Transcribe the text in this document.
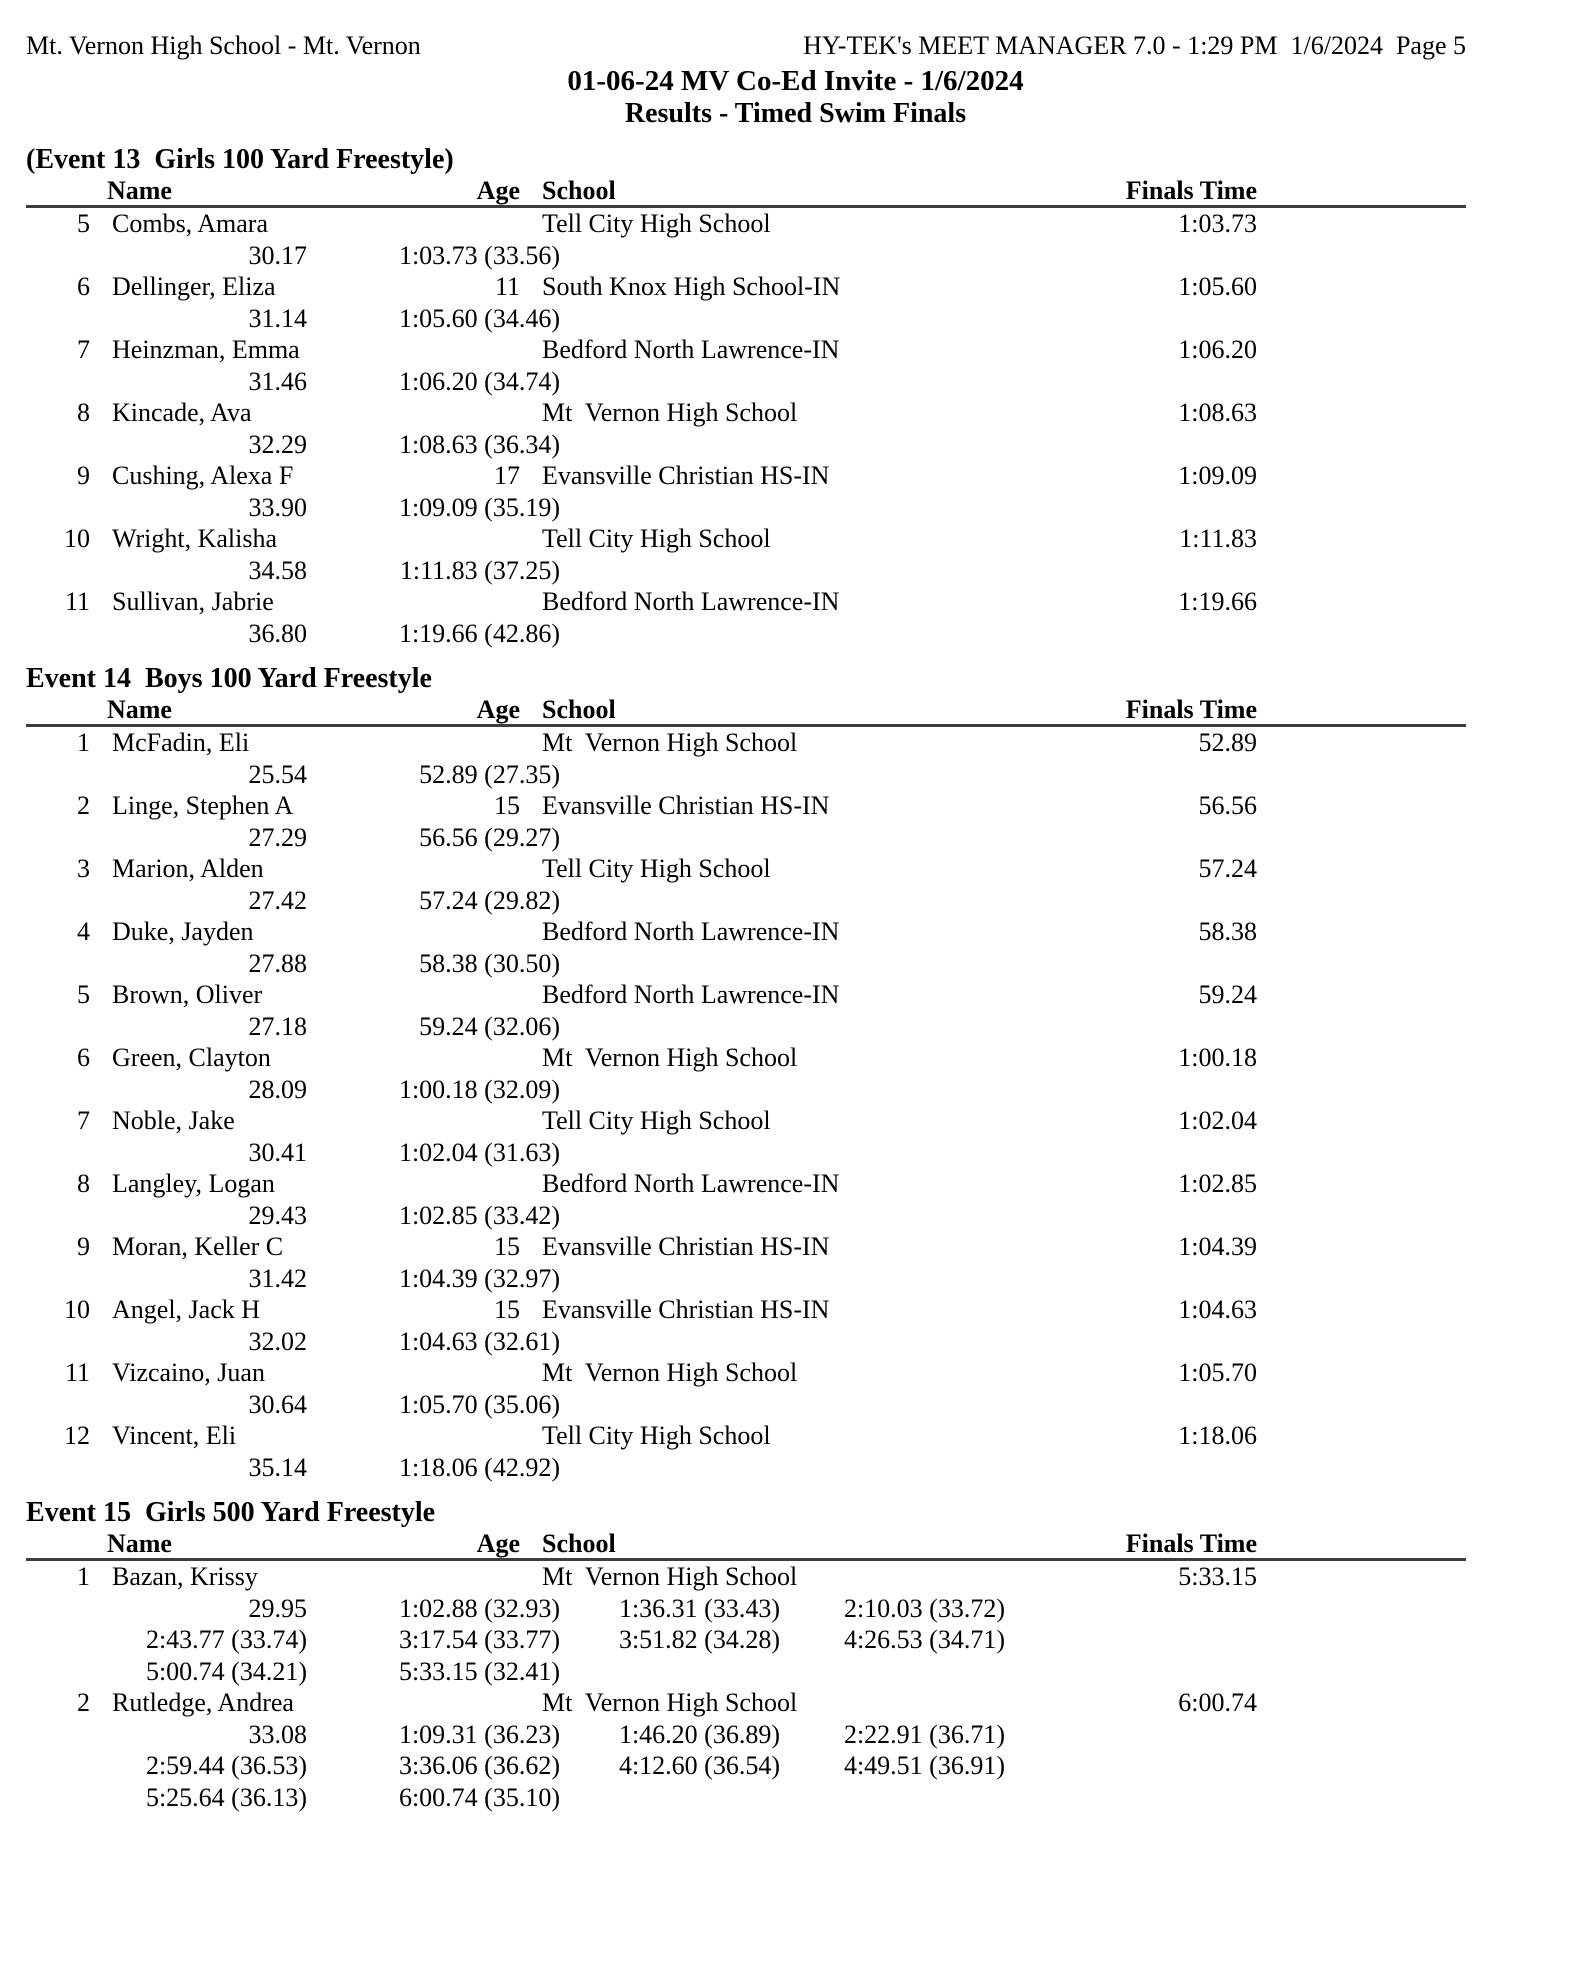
Mt. Vernon High School - Mt. Vernon	HY-TEK's MEET MANAGER 7.0 - 1:29 PM  1/6/2024  Page 5
01-06-24 MV Co-Ed Invite - 1/6/2024
Results - Timed Swim Finals
(Event 13  Girls 100 Yard Freestyle)
Name	Age School	Finals Time
5 Combs, Amara	Tell City High School	1:03.73
30.17	1:03.73 (33.56)
6 Dellinger, Eliza	11 South Knox High School-IN	1:05.60
31.14	1:05.60 (34.46)
7 Heinzman, Emma	Bedford North Lawrence-IN	1:06.20
31.46	1:06.20 (34.74)
8 Kincade, Ava	Mt  Vernon High School	1:08.63
32.29	1:08.63 (36.34)
9 Cushing, Alexa F	17 Evansville Christian HS-IN	1:09.09
33.90	1:09.09 (35.19)
10 Wright, Kalisha	Tell City High School	1:11.83
34.58	1:11.83 (37.25)
11 Sullivan, Jabrie	Bedford North Lawrence-IN	1:19.66
36.80	1:19.66 (42.86)
Event 14  Boys 100 Yard Freestyle
Name	Age School	Finals Time
1 McFadin, Eli	Mt  Vernon High School	52.89
25.54	52.89 (27.35)
2 Linge, Stephen A	15 Evansville Christian HS-IN	56.56
27.29	56.56 (29.27)
3 Marion, Alden	Tell City High School	57.24
27.42	57.24 (29.82)
4 Duke, Jayden	Bedford North Lawrence-IN	58.38
27.88	58.38 (30.50)
5 Brown, Oliver	Bedford North Lawrence-IN	59.24
27.18	59.24 (32.06)
6 Green, Clayton	Mt  Vernon High School	1:00.18
28.09	1:00.18 (32.09)
7 Noble, Jake	Tell City High School	1:02.04
30.41	1:02.04 (31.63)
8 Langley, Logan	Bedford North Lawrence-IN	1:02.85
29.43	1:02.85 (33.42)
9 Moran, Keller C	15 Evansville Christian HS-IN	1:04.39
31.42	1:04.39 (32.97)
10 Angel, Jack H	15 Evansville Christian HS-IN	1:04.63
32.02	1:04.63 (32.61)
11 Vizcaino, Juan	Mt  Vernon High School	1:05.70
30.64	1:05.70 (35.06)
12 Vincent, Eli	Tell City High School	1:18.06
35.14	1:18.06 (42.92)
Event 15  Girls 500 Yard Freestyle
Name	Age School	Finals Time
1 Bazan, Krissy	Mt  Vernon High School	5:33.15
29.95	1:02.88 (32.93)	1:36.31 (33.43)	2:10.03 (33.72)
2:43.77 (33.74)	3:17.54 (33.77)	3:51.82 (34.28)	4:26.53 (34.71)
5:00.74 (34.21)	5:33.15 (32.41)
2 Rutledge, Andrea	Mt  Vernon High School	6:00.74
33.08	1:09.31 (36.23)	1:46.20 (36.89)	2:22.91 (36.71)
2:59.44 (36.53)	3:36.06 (36.62)	4:12.60 (36.54)	4:49.51 (36.91)
5:25.64 (36.13)	6:00.74 (35.10)
